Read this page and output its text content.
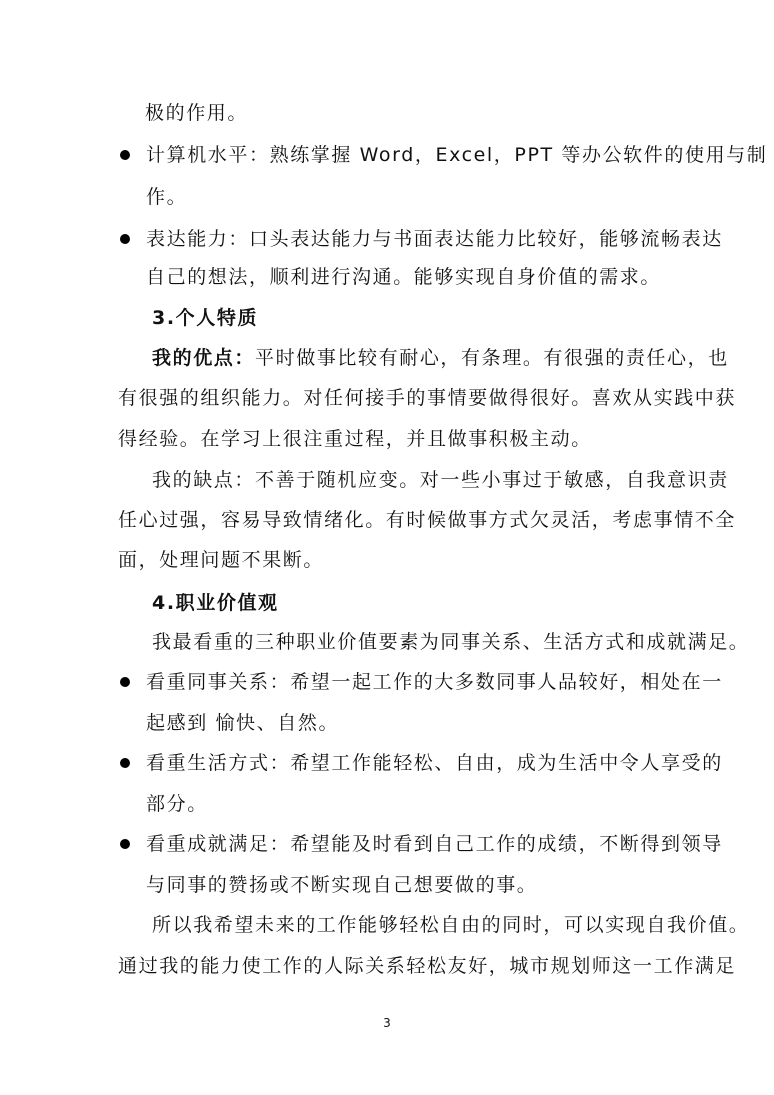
极的作用。
计算机水平：熟练掌握 Word，Excel，PPT 等办公软件的使用与制
作。
表达能力：口头表达能力与书面表达能力比较好，能够流畅表达
自己的想法，顺利进行沟通。能够实现自身价值的需求。
3.个人特质
我的优点：平时做事比较有耐心，有条理。有很强的责任心，也
有很强的组织能力。对任何接手的事情要做得很好。喜欢从实践中获
得经验。在学习上很注重过程，并且做事积极主动。
我的缺点：不善于随机应变。对一些小事过于敏感，自我意识责
任心过强，容易导致情绪化。有时候做事方式欠灵活，考虑事情不全
面，处理问题不果断。
4.职业价值观
我最看重的三种职业价值要素为同事关系、生活方式和成就满足。
看重同事关系：希望一起工作的大多数同事人品较好，相处在一
起感到 愉快、自然。
看重生活方式：希望工作能轻松、自由，成为生活中令人享受的
部分。
看重成就满足：希望能及时看到自己工作的成绩，不断得到领导
与同事的赞扬或不断实现自己想要做的事。
所以我希望未来的工作能够轻松自由的同时，可以实现自我价值。
通过我的能力使工作的人际关系轻松友好，城市规划师这一工作满足
3
